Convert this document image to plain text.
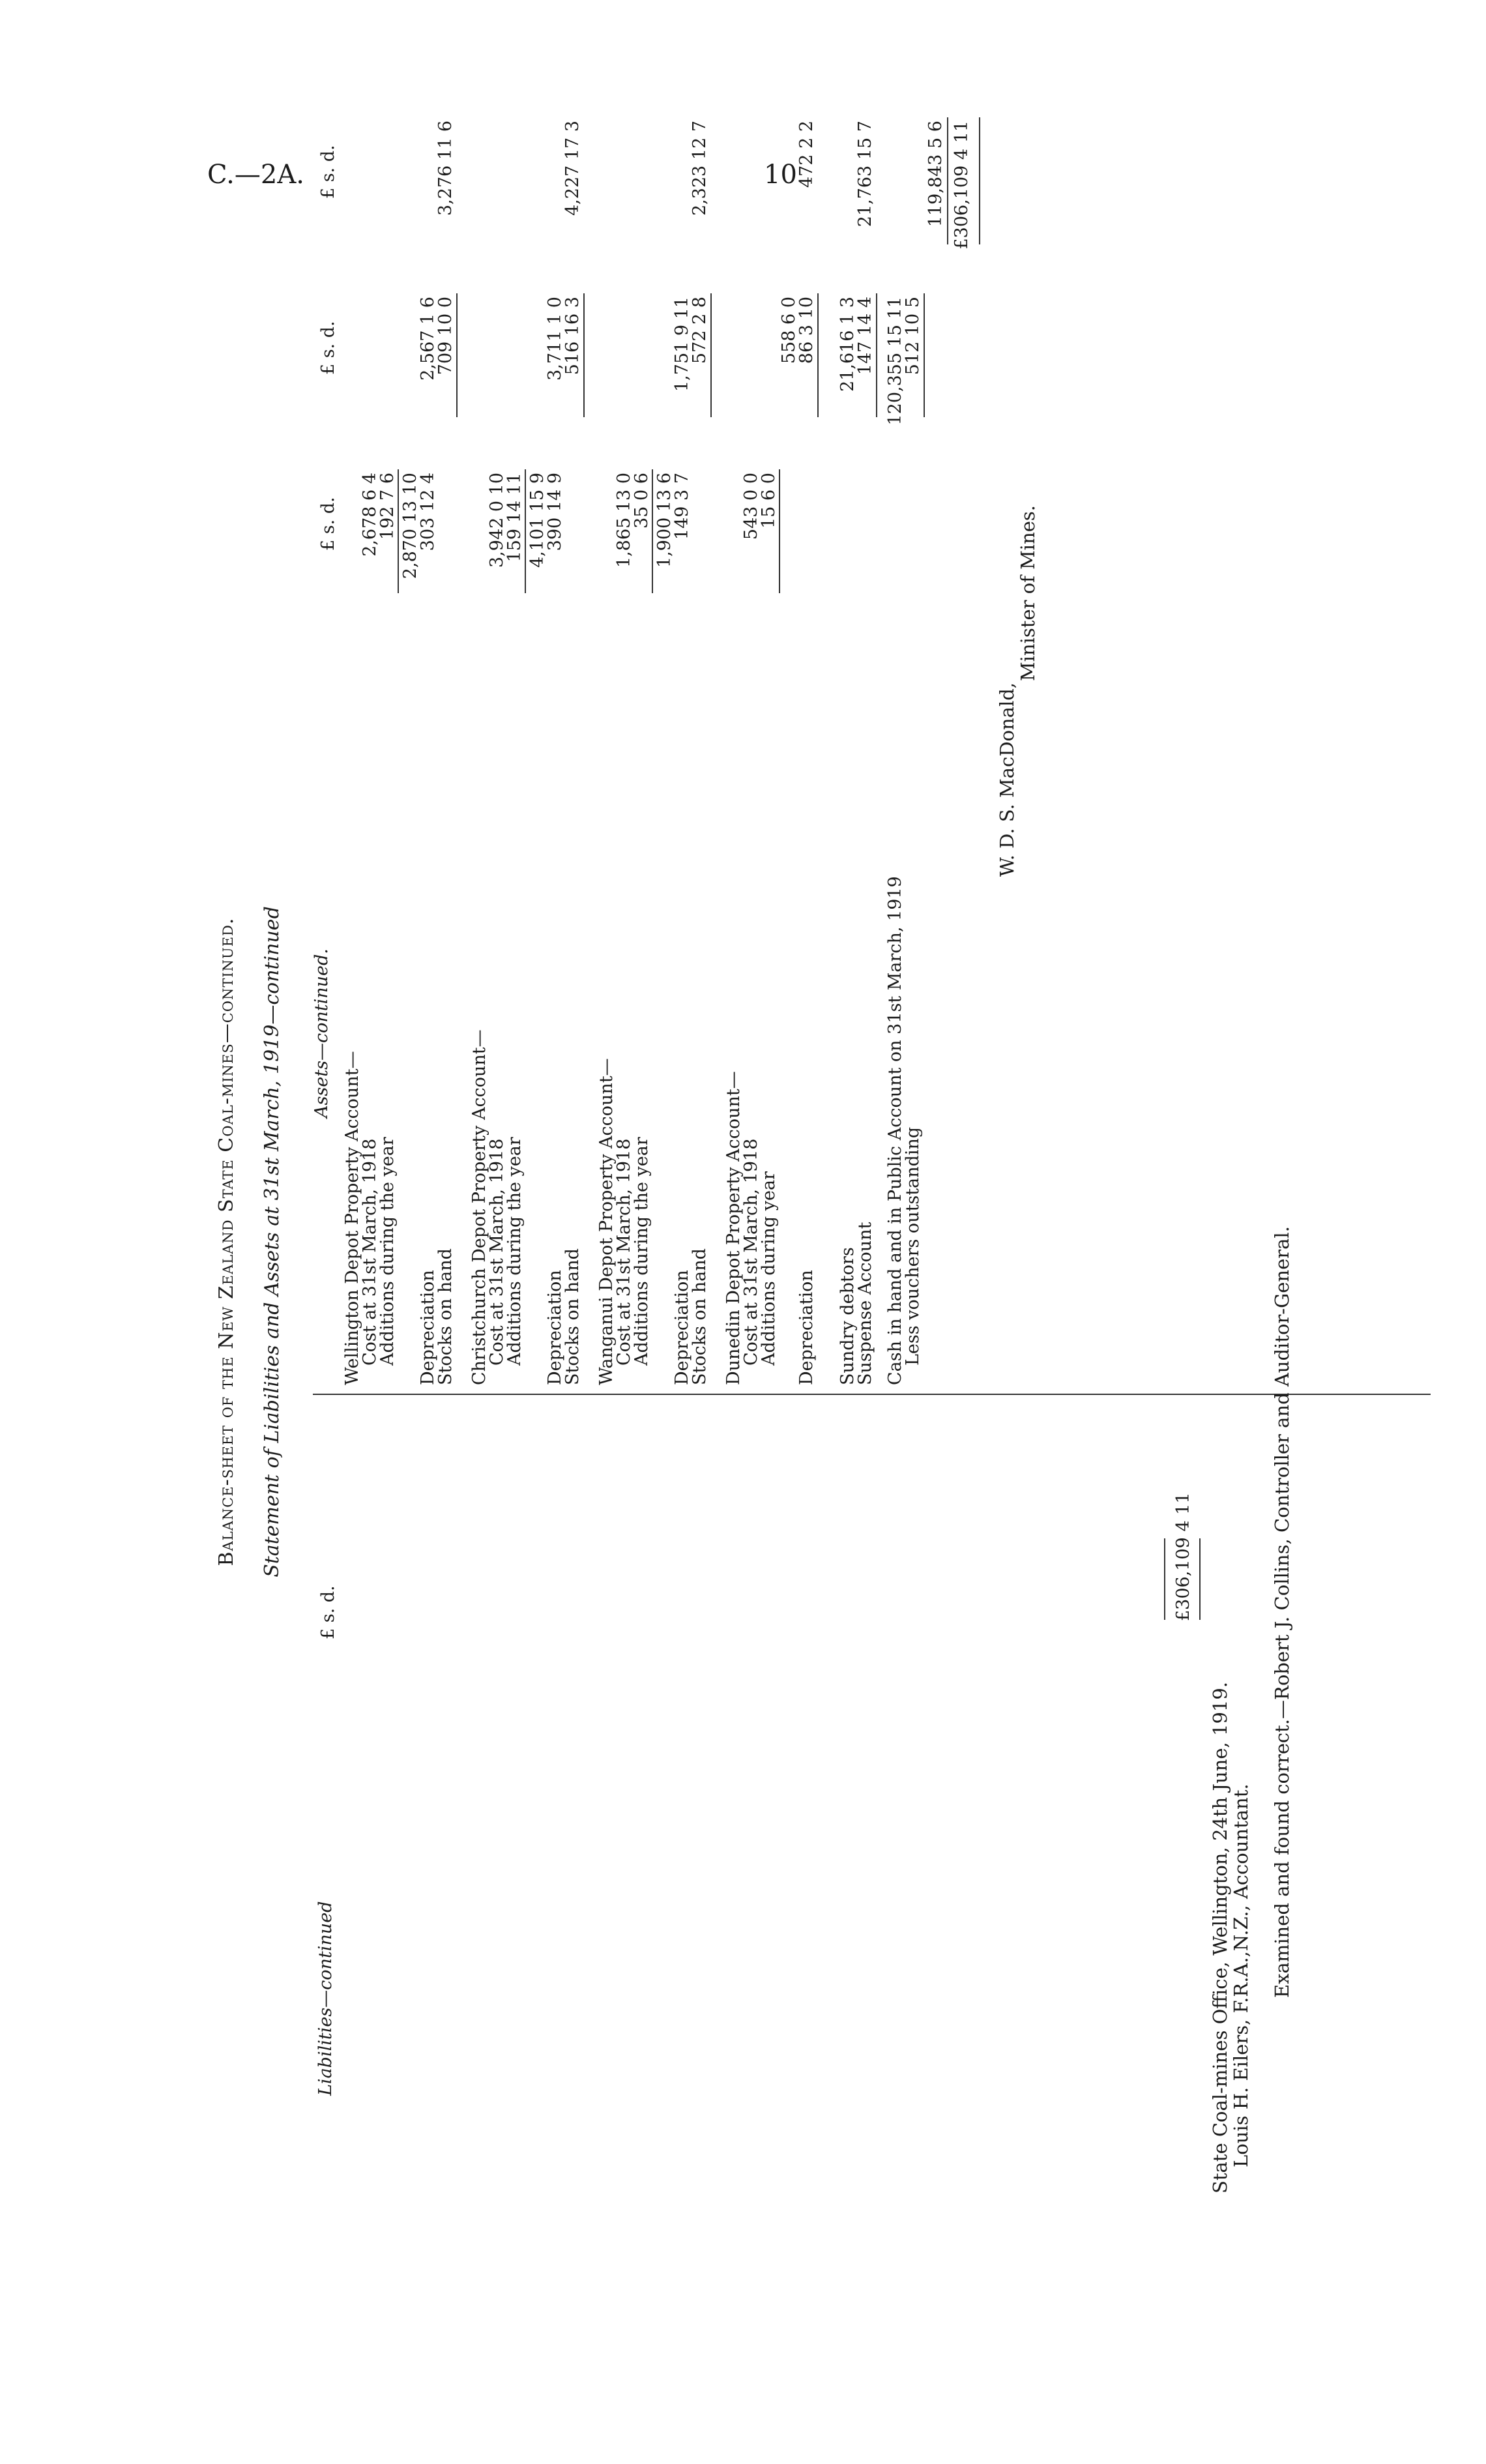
C.—2A.	10
Balance-sheet of the New Zealand State Coal-mines—continued. Statement of Liabilities and Assets at 31st March, 1919—continued
Liabilities—continued
£ s. d.	£306,109 4 11
Assets—continued.
£ s. d.
£ s. d.
£ s. d.
Wellington Depot Property Account—
Cost at 31st March, 1918
2,678 6 4
Additions during the year
192 7 6 2,870 13 10
Depreciation
303 12 4
2,567 1 6
Stocks on hand
709 10 0
3,276 11 6
Christchurch Depot Property Account—
Cost at 31st March, 1918
3,942 0 10
Additions during the year
159 14 11 4,101 15 9
Depreciation
390 14 9
3,711 1 0
Stocks on hand
516 16 3
4,227 17 3
Wanganui Depot Property Account—
Cost at 31st March, 1918
1,865 13 0
Additions during the year
35 0 6 1,900 13 6
Depreciation
149 3 7
1,751 9 11
Stocks on hand
572 2 8
2,323 12 7
Dunedin Depot Property Account—
Cost at 31st March, 1918
543 0 0
Additions during year
15 6 0
558 6 0
Depreciation
86 3 10
472 2 2
Sundry debtors
21,616 1 3
Suspense Account
147 14 4
21,763 15 7
Cash in hand and in Public Account on 31st March, 1919
120,355 15 11
Less vouchers outstanding
512 10 5
119,843 5 6 £306,109 4 11
W. D. S. MacDonald,
Minister of Mines.
State Coal-mines Office, Wellington, 24th June, 1919.
Louis H. Eilers, F.R.A.,N.Z., Accountant. Examined and found correct.—Robert J. Collins, Controller and Auditor-General.
